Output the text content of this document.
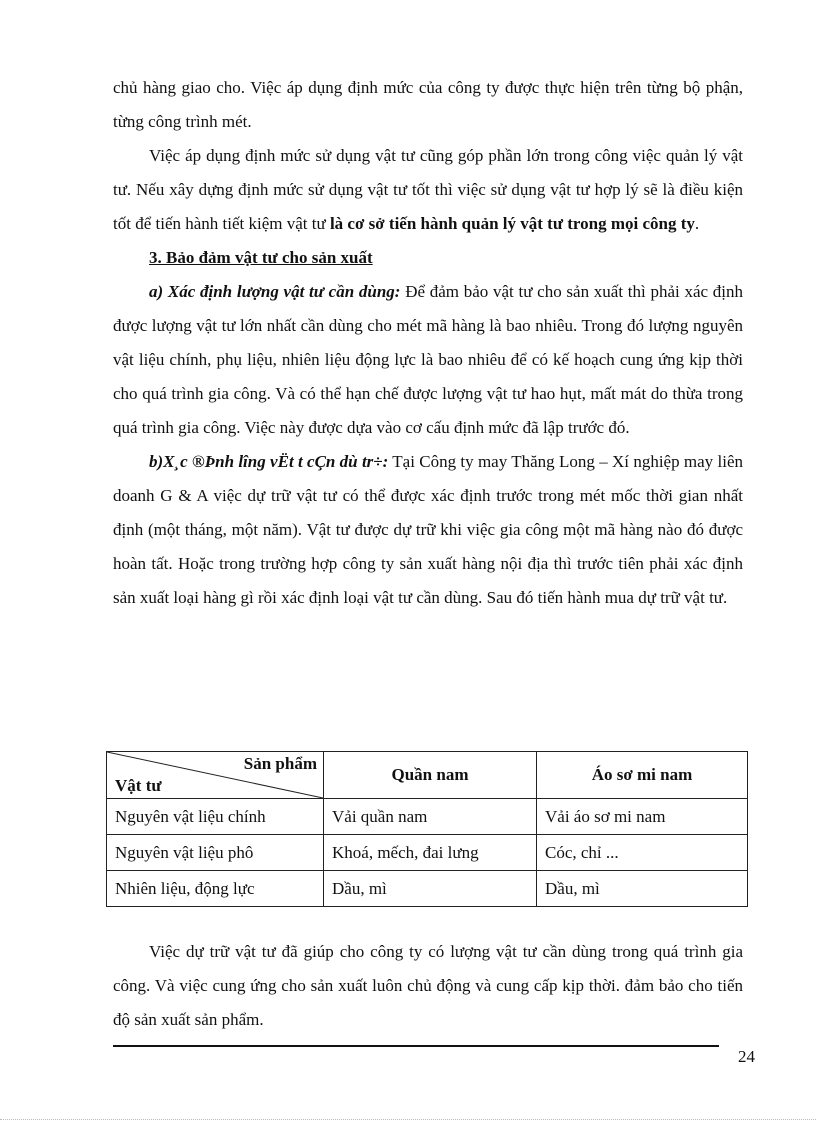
chủ hàng giao cho. Việc áp dụng định mức của công ty được thực hiện trên từng bộ phận, từng công trình mét.

Việc áp dụng định mức sử dụng vật tư cũng góp phần lớn trong công việc quản lý vật tư. Nếu xây dựng định mức sử dụng vật tư tốt thì việc sử dụng vật tư hợp lý sẽ là điều kiện tốt để tiến hành tiết kiệm vật tư là cơ sở tiến hành quản lý vật tư trong mọi công ty.

3. Bảo đảm vật tư cho sản xuất

a) Xác định lượng vật tư cần dùng: Để đảm bảo vật tư cho sản xuất thì phải xác định được lượng vật tư lớn nhất cần dùng cho mét mã hàng là bao nhiêu. Trong đó lượng nguyên vật liệu chính, phụ liệu, nhiên liệu động lực là bao nhiêu để có kế hoạch cung ứng kịp thời cho quá trình gia công. Và có thể hạn chế được lượng vật tư hao hụt, mất mát do thừa trong quá trình gia công. Việc này được dựa vào cơ cấu định mức đã lập trước đó.

b)X¸c ®Þnh lîng vËt t cÇn dù tr÷: Tại Công ty may Thăng Long – Xí nghiệp may liên doanh G & A việc dự trữ vật tư có thể được xác định trước trong mét mốc thời gian nhất định (một tháng, một năm). Vật tư được dự trữ khi việc gia công một mã hàng nào đó được hoàn tất. Hoặc trong trường hợp công ty sản xuất hàng nội địa thì trước tiên phải xác định sản xuất loại hàng gì rồi xác định loại vật tư cần dùng. Sau đó tiến hành mua dự trữ vật tư.

Sản phẩm
Vật tư	Quần nam	Áo sơ mi nam
Nguyên vật liệu chính	Vải quần nam	Vải áo sơ mi nam
Nguyên vật liệu phô	Khoá, mếch, đai lưng	Cóc, chỉ ...
Nhiên liệu, động lực	Dầu, mì	Dầu, mì

Việc dự trữ vật tư đã giúp cho công ty có lượng vật tư cần dùng trong quá trình gia công. Và việc cung ứng cho sản xuất luôn chủ động và cung cấp kịp thời. đảm bảo cho tiến độ sản xuất sản phẩm.

24
